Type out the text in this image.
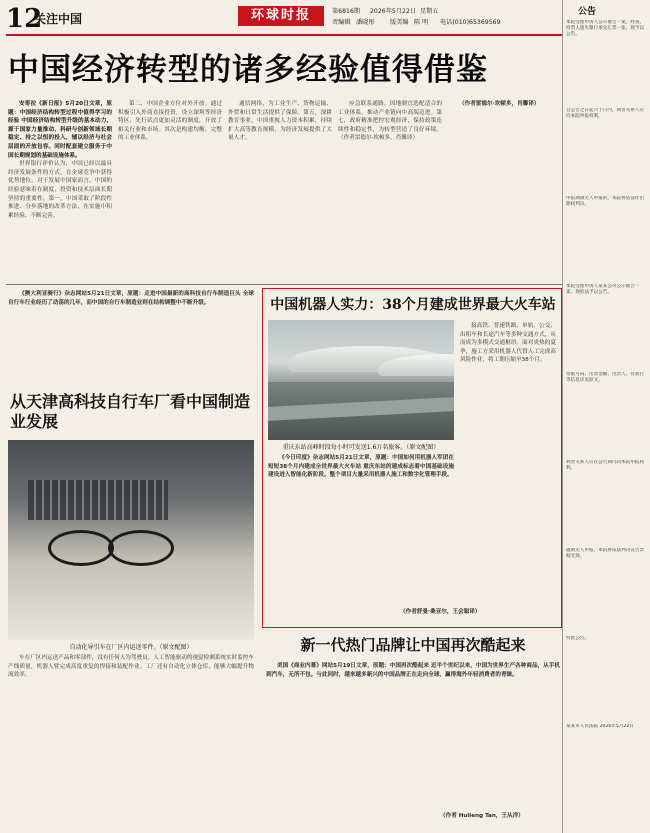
12
关注中国	环球时报	第6816期 2026年5月22日 星期五
责编辑 潘晓彤 版美编 陈 明 电话(010)65369569
中国经济转型的诸多经验值得借鉴

安哥拉《新日报》5月20日文章，原题：中国经济结构转型过程中值得学习的经验 中国经济结构转型升级的基本动力，源于国家力量推动、科研与创新领域长期稳定、持之以恒的投入，辅以经济与社会层面的开放包容。同时配套建立服务于中国长期规划的基础设施体系。

世界银行评价认为，中国已经以最具经济发展条件的方式，在全球竞争中获得优势地位。对于发展中国家而言，中国的经验意味着在制度、投资和技术层面长期坚持的重要性。第一，中国采取了阶段性推进、分步落地的改革方法，在实施中积累经验、不断完善。

第二，中国企业方位对外开放。通过积极引入外商直接投资，设立深圳等经济特区，先行试点更加灵活的制度，开放了相关行业和市场。其次是构建均衡、完整的工业体系。

通信网络，为工业生产、货物运输、外贸和日常生活提供了保障。第五，深耕教育事业。中国重视人力资本积累，持续扩大高等教育规模，为经济发展提供了大量人才。

应急联系通路，因地制宜选配适合的工业体系，推动产业链向中高端迈进。第七，政府精准把控宏观经济，保持政策连续性和稳定性，为转型营造了良好环境。（作者雷德尔·坎顿多，肖馨译）

（作者雷德尔·坎顿多，肖馨译）

《澳大利亚骑行》杂志网站5月21日文章，原题：走进中国最新的高科技自行车制造巨头 全球自行车行业经历了动荡的几年，而中国的自行车制造业则在结构调整中不断升级。

从天津高科技自行车厂看中国制造业发展
自动化导引车在厂区内运送零件。（原文配图）

车在厂区内运送产品和零部件，没有任何人为驾驶员。人工智能驱动的视觉检测系统实时监控车产线质量，机器人臂完成高度重复的焊接和装配作业。工厂还有自动化立体仓库，能够大幅提升物流效率。

中国机器人实力：38个月建成世界最大火车站
重庆东站高峰时段每小时可发送1.6万名旅客。（原文配图）

接高铁、普速铁路、单轨、公交、出租车和长途汽车等多种交通方式，从而成为多模式交通枢纽。面对炎热的夏季，施工方采用机器人代替人工完成高风险作业，将工期压缩至38个月。

《今日印度》杂志网站5月21日文章，原题：中国如何用机器人军团在短短38个月内建成全世界最大火车站 重庆东站的建成标志着中国基础设施建设进入智能化新阶段。整个项目大量采用机器人施工和数字化管理手段。

（作者舒曼·桑亚尔，王会聪译）
新一代热门品牌让中国再次酷起来

美国《商业内幕》网站5月19日文章，原题：中国再次酷起来 近半个世纪以来，中国为世界生产各种商品，从手机到汽车，无所不包。与此同时，越来越多新兴的中国品牌正在走向全球，赢得海外年轻消费者的青睐。

（作者 Huileng Tan，王从洋）
公告
本院受理申请人公示催告一案，经查，持票人遗失银行承兑汇票一张，现予以公告。
自公告之日起六十日内，利害关系人应向本院申报权利。
申报期满无人申报的，本院将依法作出除权判决。
本院受理申请人某某公司公示催告一案，现依法予以公告。
票据号码、出票金额、出票人、付款行等信息详见原文。
利害关系人应在公告期内向本院申报权利。
逾期无人申报，本院将依法判决宣告票据无效。
特此公告。
某某市人民法院 2026年5月22日
